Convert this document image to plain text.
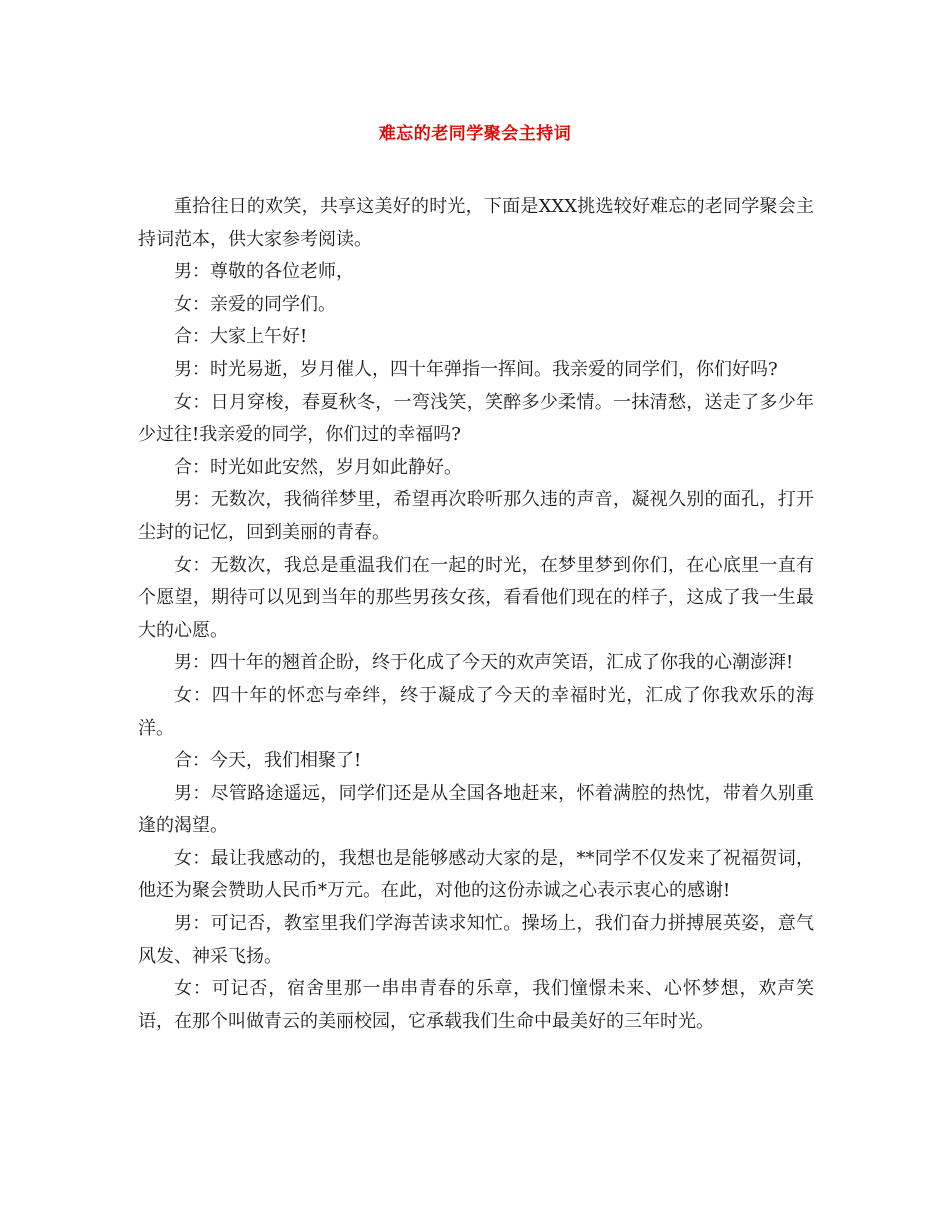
难忘的老同学聚会主持词

重拾往日的欢笑，共享这美好的时光，下面是XXX挑选较好难忘的老同学聚会主持词范本，供大家参考阅读。

男：尊敬的各位老师，

女：亲爱的同学们。

合：大家上午好!

男：时光易逝，岁月催人，四十年弹指一挥间。我亲爱的同学们，你们好吗?

女：日月穿梭，春夏秋冬，一弯浅笑，笑醉多少柔情。一抹清愁，送走了多少年少过往!我亲爱的同学，你们过的幸福吗?

合：时光如此安然，岁月如此静好。

男：无数次，我徜徉梦里，希望再次聆听那久违的声音，凝视久别的面孔，打开尘封的记忆，回到美丽的青春。

女：无数次，我总是重温我们在一起的时光，在梦里梦到你们，在心底里一直有个愿望，期待可以见到当年的那些男孩女孩，看看他们现在的样子，这成了我一生最大的心愿。

男：四十年的翘首企盼，终于化成了今天的欢声笑语，汇成了你我的心潮澎湃!

女：四十年的怀恋与牵绊，终于凝成了今天的幸福时光，汇成了你我欢乐的海洋。

合：今天，我们相聚了!

男：尽管路途遥远，同学们还是从全国各地赶来，怀着满腔的热忱，带着久别重逢的渴望。

女：最让我感动的，我想也是能够感动大家的是，**同学不仅发来了祝福贺词，他还为聚会赞助人民币*万元。在此，对他的这份赤诚之心表示衷心的感谢!

男：可记否，教室里我们学海苦读求知忙。操场上，我们奋力拼搏展英姿，意气风发、神采飞扬。

女：可记否，宿舍里那一串串青春的乐章，我们憧憬未来、心怀梦想，欢声笑语，在那个叫做青云的美丽校园，它承载我们生命中最美好的三年时光。
